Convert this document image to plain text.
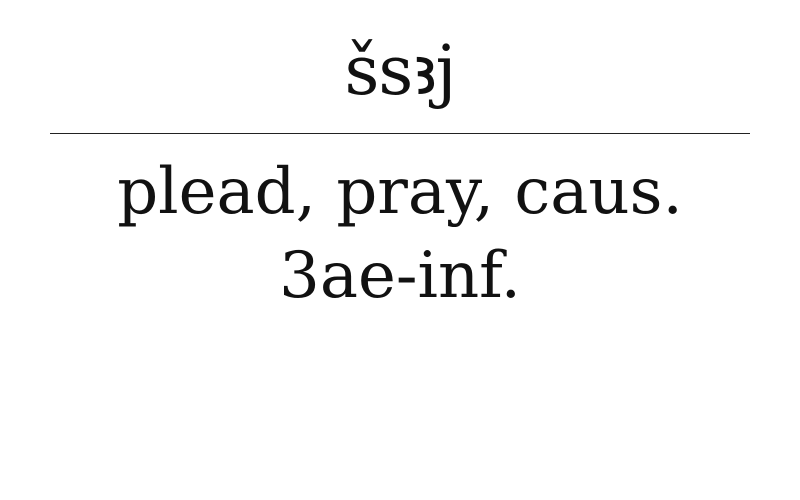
šsꜣj
plead, pray, caus.
3ae-inf.
